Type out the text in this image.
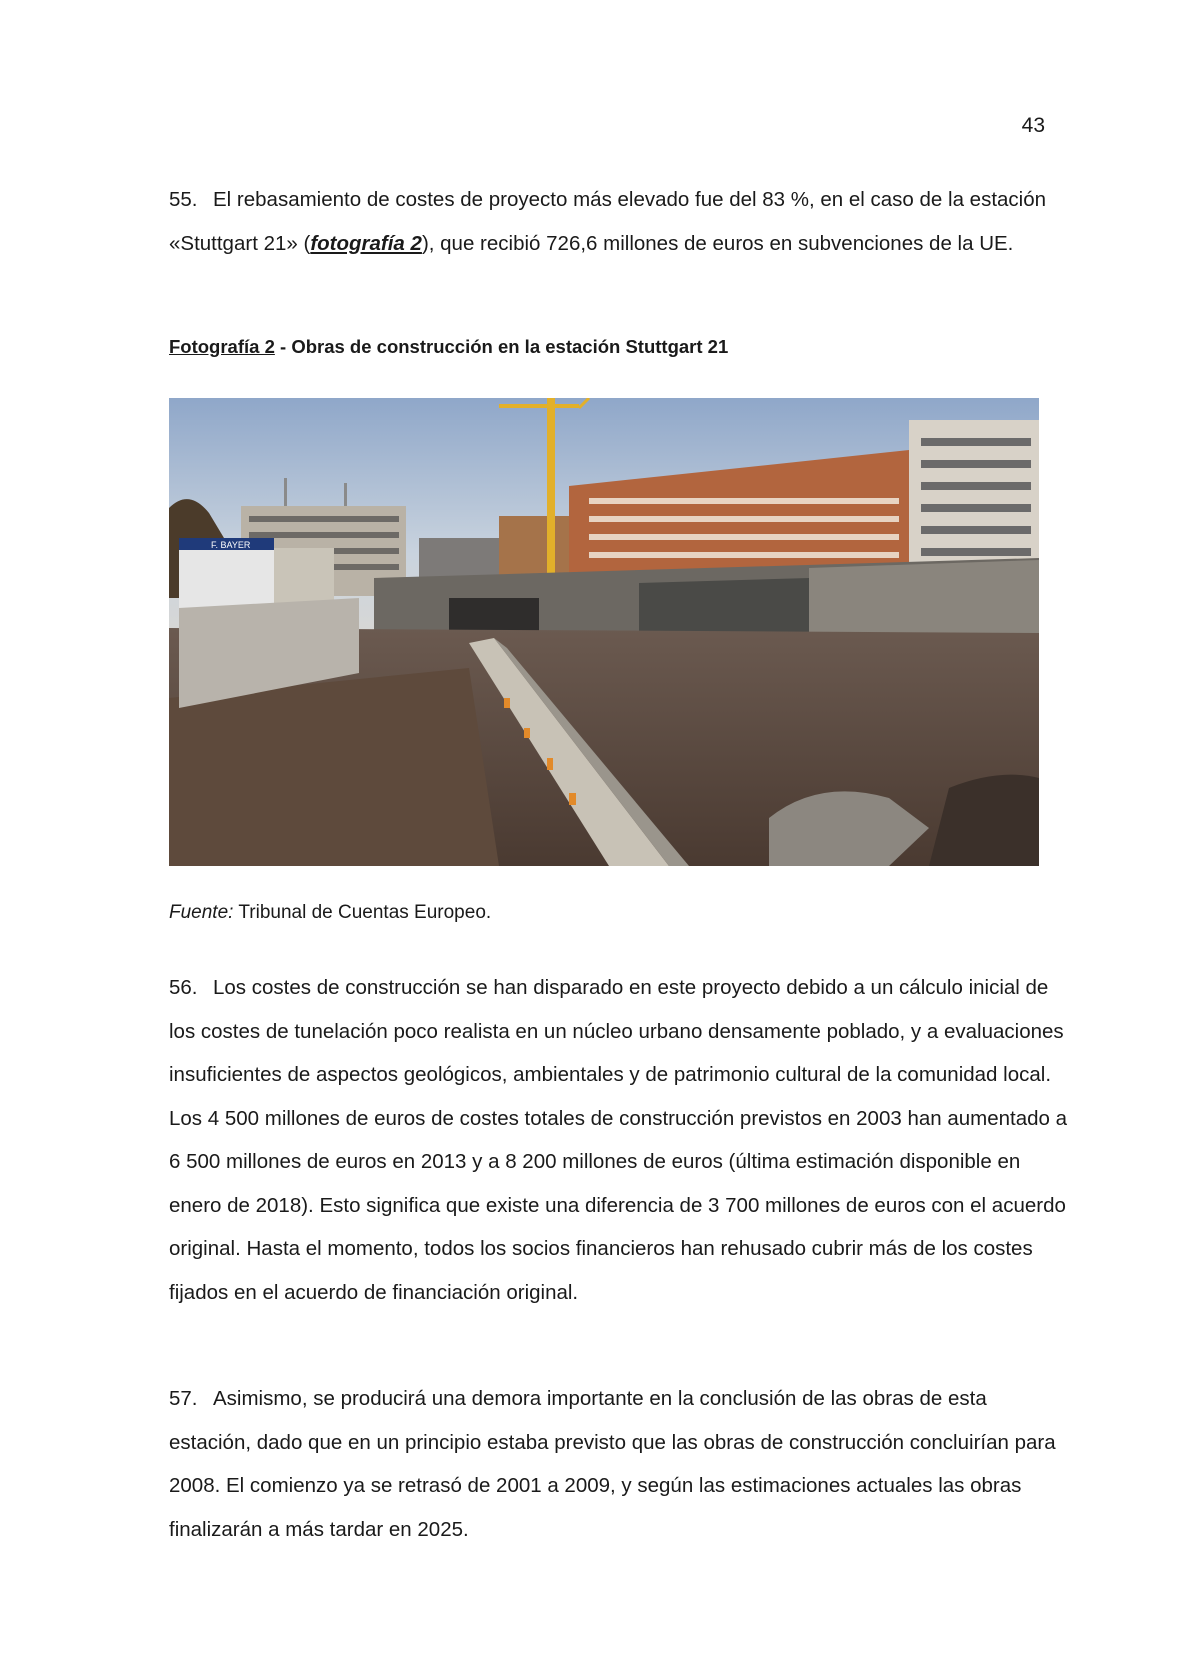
43

55. El rebasamiento de costes de proyecto más elevado fue del 83 %, en el caso de la estación «Stuttgart 21» (fotografía 2), que recibió 726,6 millones de euros en subvenciones de la UE.

Fotografía 2 - Obras de construcción en la estación Stuttgart 21
F. BAYER
Fuente: Tribunal de Cuentas Europeo.

56. Los costes de construcción se han disparado en este proyecto debido a un cálculo inicial de los costes de tunelación poco realista en un núcleo urbano densamente poblado, y a evaluaciones insuficientes de aspectos geológicos, ambientales y de patrimonio cultural de la comunidad local. Los 4 500 millones de euros de costes totales de construcción previstos en 2003 han aumentado a 6 500 millones de euros en 2013 y a 8 200 millones de euros (última estimación disponible en enero de 2018). Esto significa que existe una diferencia de 3 700 millones de euros con el acuerdo original. Hasta el momento, todos los socios financieros han rehusado cubrir más de los costes fijados en el acuerdo de financiación original.

57. Asimismo, se producirá una demora importante en la conclusión de las obras de esta estación, dado que en un principio estaba previsto que las obras de construcción concluirían para 2008. El comienzo ya se retrasó de 2001 a 2009, y según las estimaciones actuales las obras finalizarán a más tardar en 2025.
